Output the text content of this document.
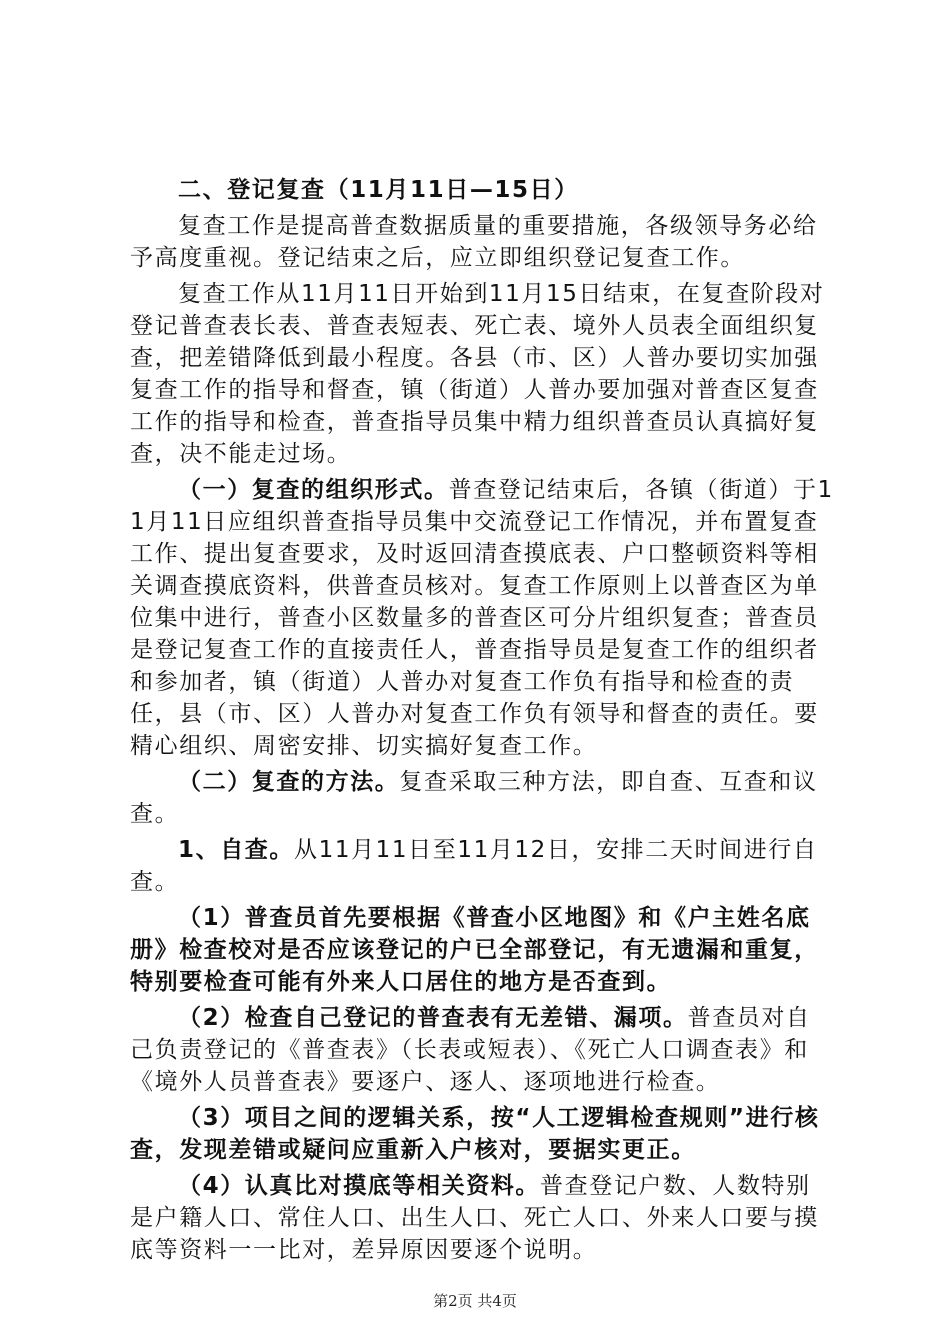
二、登记复查（11月11日—15日）

复查工作是提高普查数据质量的重要措施，各级领导务必给予高度重视。登记结束之后，应立即组织登记复查工作。

复查工作从11月11日开始到11月15日结束，在复查阶段对登记普查表长表、普查表短表、死亡表、境外人员表全面组织复查，把差错降低到最小程度。各县（市、区）人普办要切实加强复查工作的指导和督查，镇（街道）人普办要加强对普查区复查工作的指导和检查，普查指导员集中精力组织普查员认真搞好复查，决不能走过场。

（一）复查的组织形式。普查登记结束后，各镇（街道）于11月11日应组织普查指导员集中交流登记工作情况，并布置复查工作、提出复查要求，及时返回清查摸底表、户口整顿资料等相关调查摸底资料，供普查员核对。复查工作原则上以普查区为单位集中进行，普查小区数量多的普查区可分片组织复查；普查员是登记复查工作的直接责任人，普查指导员是复查工作的组织者和参加者，镇（街道）人普办对复查工作负有指导和检查的责任，县（市、区）人普办对复查工作负有领导和督查的责任。要精心组织、周密安排、切实搞好复查工作。

（二）复查的方法。复查采取三种方法，即自查、互查和议查。

1、自查。从11月11日至11月12日，安排二天时间进行自查。

（1）普查员首先要根据《普查小区地图》和《户主姓名底册》检查校对是否应该登记的户已全部登记，有无遗漏和重复，特别要检查可能有外来人口居住的地方是否查到。

（2）检查自己登记的普查表有无差错、漏项。普查员对自己负责登记的《普查表》（长表或短表）、《死亡人口调查表》和《境外人员普查表》要逐户、逐人、逐项地进行检查。

（3）项目之间的逻辑关系，按“人工逻辑检查规则”进行核查，发现差错或疑问应重新入户核对，要据实更正。

（4）认真比对摸底等相关资料。普查登记户数、人数特别是户籍人口、常住人口、出生人口、死亡人口、外来人口要与摸底等资料一一比对，差异原因要逐个说明。

第2页 共4页
